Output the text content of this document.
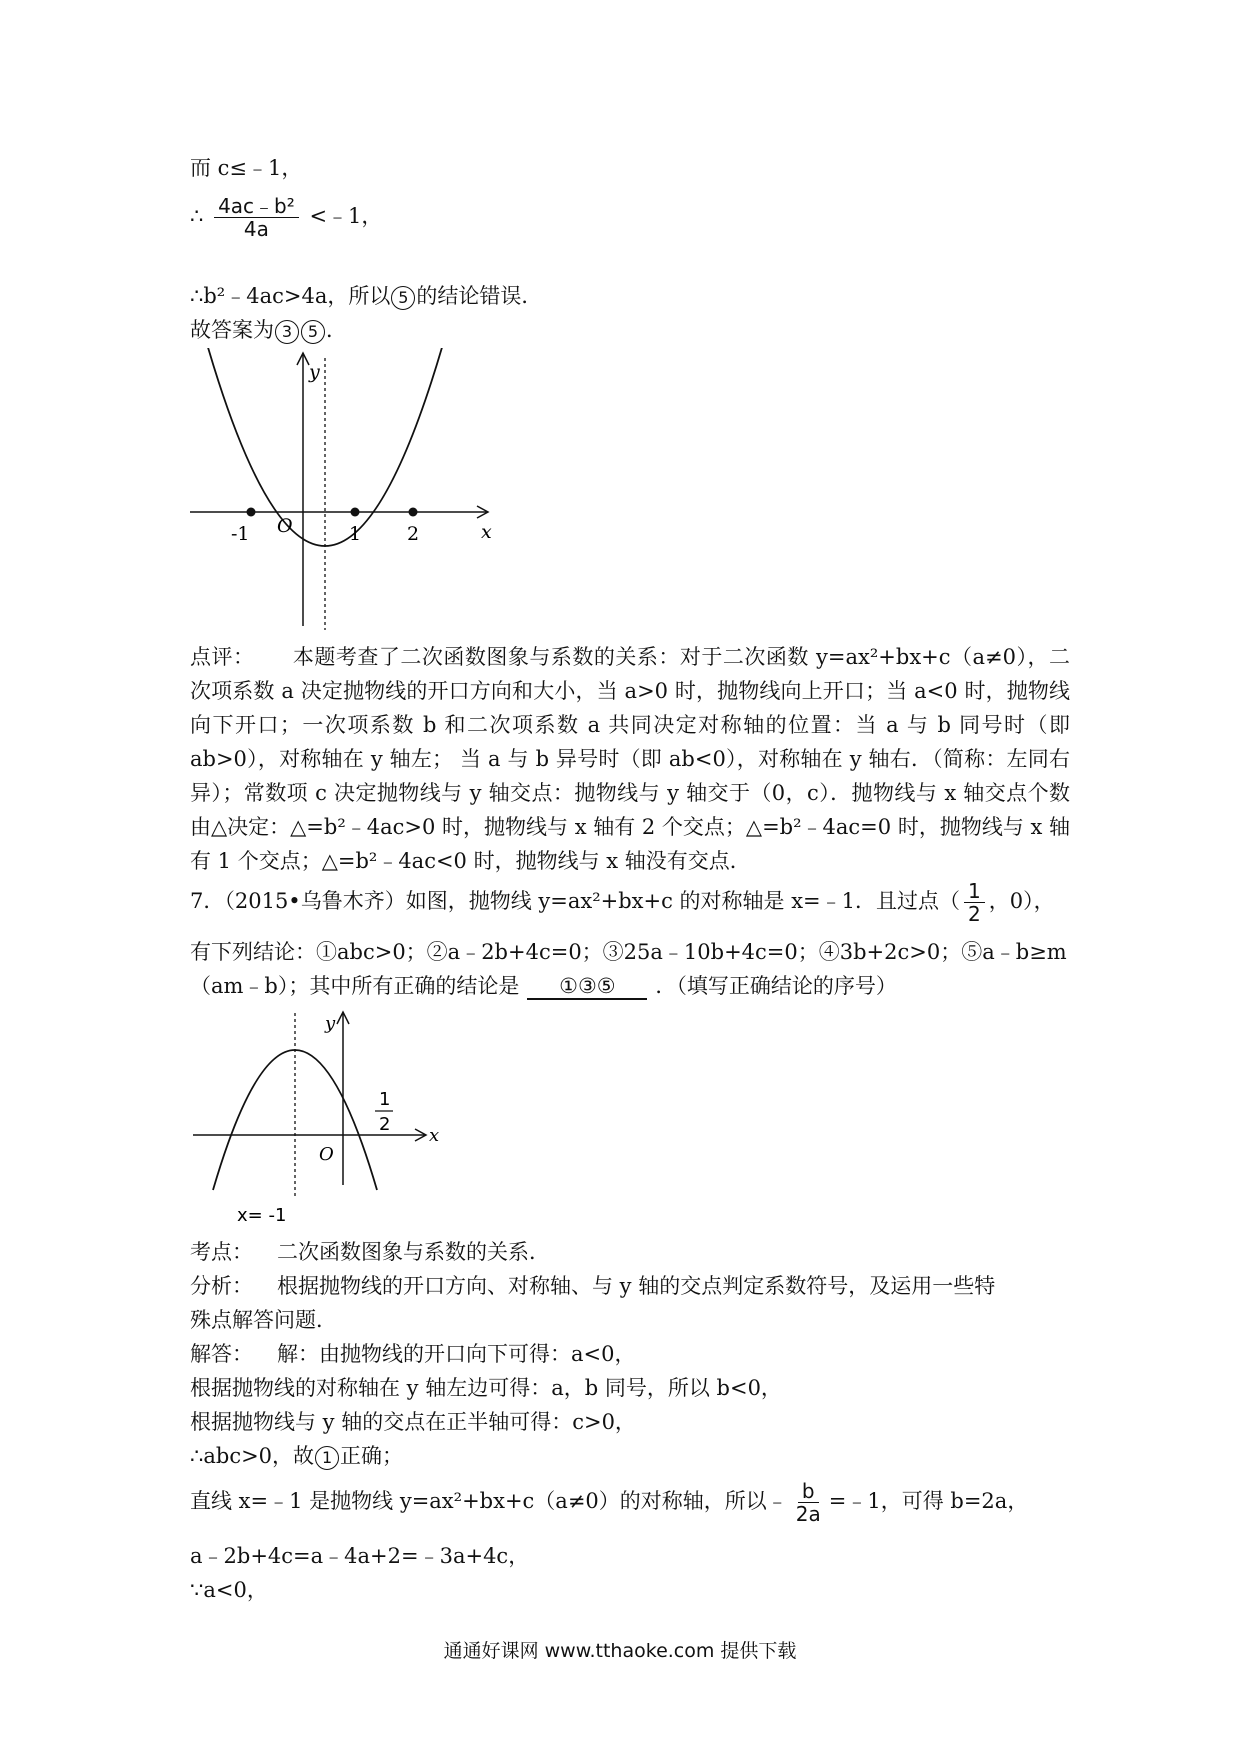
而 c≤﹣1，
∴ $\frac{\text{4ac﹣b²}}{4a}$ <﹣1，
∴b²﹣4ac>4a，所以 5 的结论错误．
故答案为 3 5 ．
y
x
O
-1	1 2
点评： 本题考查了二次函数图象与系数的关系：对于二次函数 y=ax²+bx+c（a≠0），二次项系数 a 决定抛物线的开口方向和大小，当 a>0 时，抛物线向上开口；当 a<0 时，抛物线向下开口；一次项系数 b 和二次项系数 a 共同决定对称轴的位置：当 a 与 b 同号时（即 ab>0），对称轴在 y 轴左； 当 a 与 b 异号时（即 ab<0），对称轴在 y 轴右．（简称：左同右异）；常数项 c 决定抛物线与 y 轴交点：抛物线与 y 轴交于（0，c）．抛物线与 x 轴交点个数由△决定：△=b²﹣4ac>0 时，抛物线与 x 轴有 2 个交点；△=b²﹣4ac=0 时，抛物线与 x 轴有 1 个交点；△=b²﹣4ac<0 时，抛物线与 x 轴没有交点．
7．（2015•乌鲁木齐）如图，抛物线 y=ax²+bx+c 的对称轴是 x=﹣1．且过点（ $\frac{1}{2}$ ，0），
有下列结论：①abc>0；②a﹣2b+4c=0；③25a﹣10b+4c=0；④3b+2c>0；⑤a﹣b≥m
（am﹣b）；其中所有正确的结论是 ①③⑤ ．（填写正确结论的序号）
y
x
O
1
2
x= -1
考点： 二次函数图象与系数的关系．
分析： 根据抛物线的开口方向、对称轴、与 y 轴的交点判定系数符号，及运用一些特
殊点解答问题．
解答： 解：由抛物线的开口向下可得：a<0，
根据抛物线的对称轴在 y 轴左边可得：a，b 同号，所以 b<0，
根据抛物线与 y 轴的交点在正半轴可得：c>0，
∴abc>0，故 1 正确；
直线 x=﹣1 是抛物线 y=ax²+bx+c（a≠0）的对称轴，所以﹣ $\frac{b}{2a}$ =﹣1，可得 b=2a，
a﹣2b+4c=a﹣4a+2=﹣3a+4c，
∵a<0，
通通好课网 www.tthaoke.com 提供下载
